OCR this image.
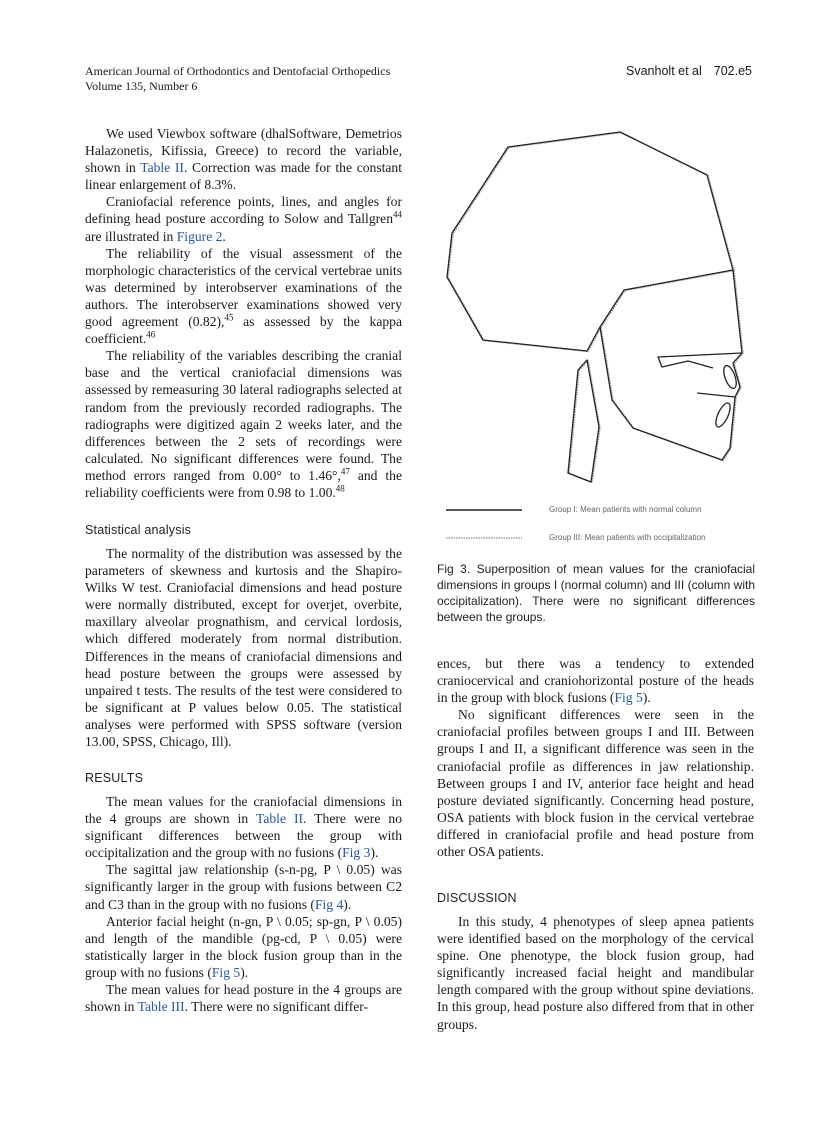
American Journal of Orthodontics and Dentofacial Orthopedics
Volume 135, Number 6
Svanholt et al 702.e5

We used Viewbox software (dhalSoftware, Demetrios Halazonetis, Kifissia, Greece) to record the variable, shown in Table II. Correction was made for the constant linear enlargement of 8.3%.

Craniofacial reference points, lines, and angles for defining head posture according to Solow and Tallgren$^{44}$ are illustrated in Figure 2.

The reliability of the visual assessment of the morphologic characteristics of the cervical vertebrae units was determined by interobserver examinations of the authors. The interobserver examinations showed very good agreement (0.82),$^{45}$ as assessed by the kappa coefficient.$^{46}$

The reliability of the variables describing the cranial base and the vertical craniofacial dimensions was assessed by remeasuring 30 lateral radiographs selected at random from the previously recorded radiographs. The radiographs were digitized again 2 weeks later, and the differences between the 2 sets of recordings were calculated. No significant differences were found. The method errors ranged from 0.00° to 1.46°,$^{47}$ and the reliability coefficients were from 0.98 to 1.00.48

Statistical analysis

The normality of the distribution was assessed by the parameters of skewness and kurtosis and the Shapiro-Wilks W test. Craniofacial dimensions and head posture were normally distributed, except for overjet, overbite, maxillary alveolar prognathism, and cervical lordosis, which differed moderately from normal distribution. Differences in the means of craniofacial dimensions and head posture between the groups were assessed by unpaired t tests. The results of the test were considered to be significant at P values below 0.05. The statistical analyses were performed with SPSS software (version 13.00, SPSS, Chicago, Ill).

RESULTS

The mean values for the craniofacial dimensions in the 4 groups are shown in Table II. There were no significant differences between the group with occipitalization and the group with no fusions (Fig 3).

The sagittal jaw relationship (s-n-pg, P \ 0.05) was significantly larger in the group with fusions between C2 and C3 than in the group with no fusions (Fig 4).

Anterior facial height (n-gn, P \ 0.05; sp-gn, P \ 0.05) and length of the mandible (pg-cd, P \ 0.05) were statistically larger in the block fusion group than in the group with no fusions (Fig 5).

The mean values for head posture in the 4 groups are shown in Table III. There were no significant differ-

Group I: Mean patients with normal column
Group III: Mean patients with occipitalization
Fig 3. Superposition of mean values for the craniofacial dimensions in groups I (normal column) and III (column with occipitalization). There were no significant differences between the groups.

ences, but there was a tendency to extended craniocervical and craniohorizontal posture of the heads in the group with block fusions (Fig 5).

No significant differences were seen in the craniofacial profiles between groups I and III. Between groups I and II, a significant difference was seen in the craniofacial profile as differences in jaw relationship. Between groups I and IV, anterior face height and head posture deviated significantly. Concerning head posture, OSA patients with block fusion in the cervical vertebrae differed in craniofacial profile and head posture from other OSA patients.

DISCUSSION

In this study, 4 phenotypes of sleep apnea patients were identified based on the morphology of the cervical spine. One phenotype, the block fusion group, had significantly increased facial height and mandibular length compared with the group without spine deviations. In this group, head posture also differed from that in other groups.
